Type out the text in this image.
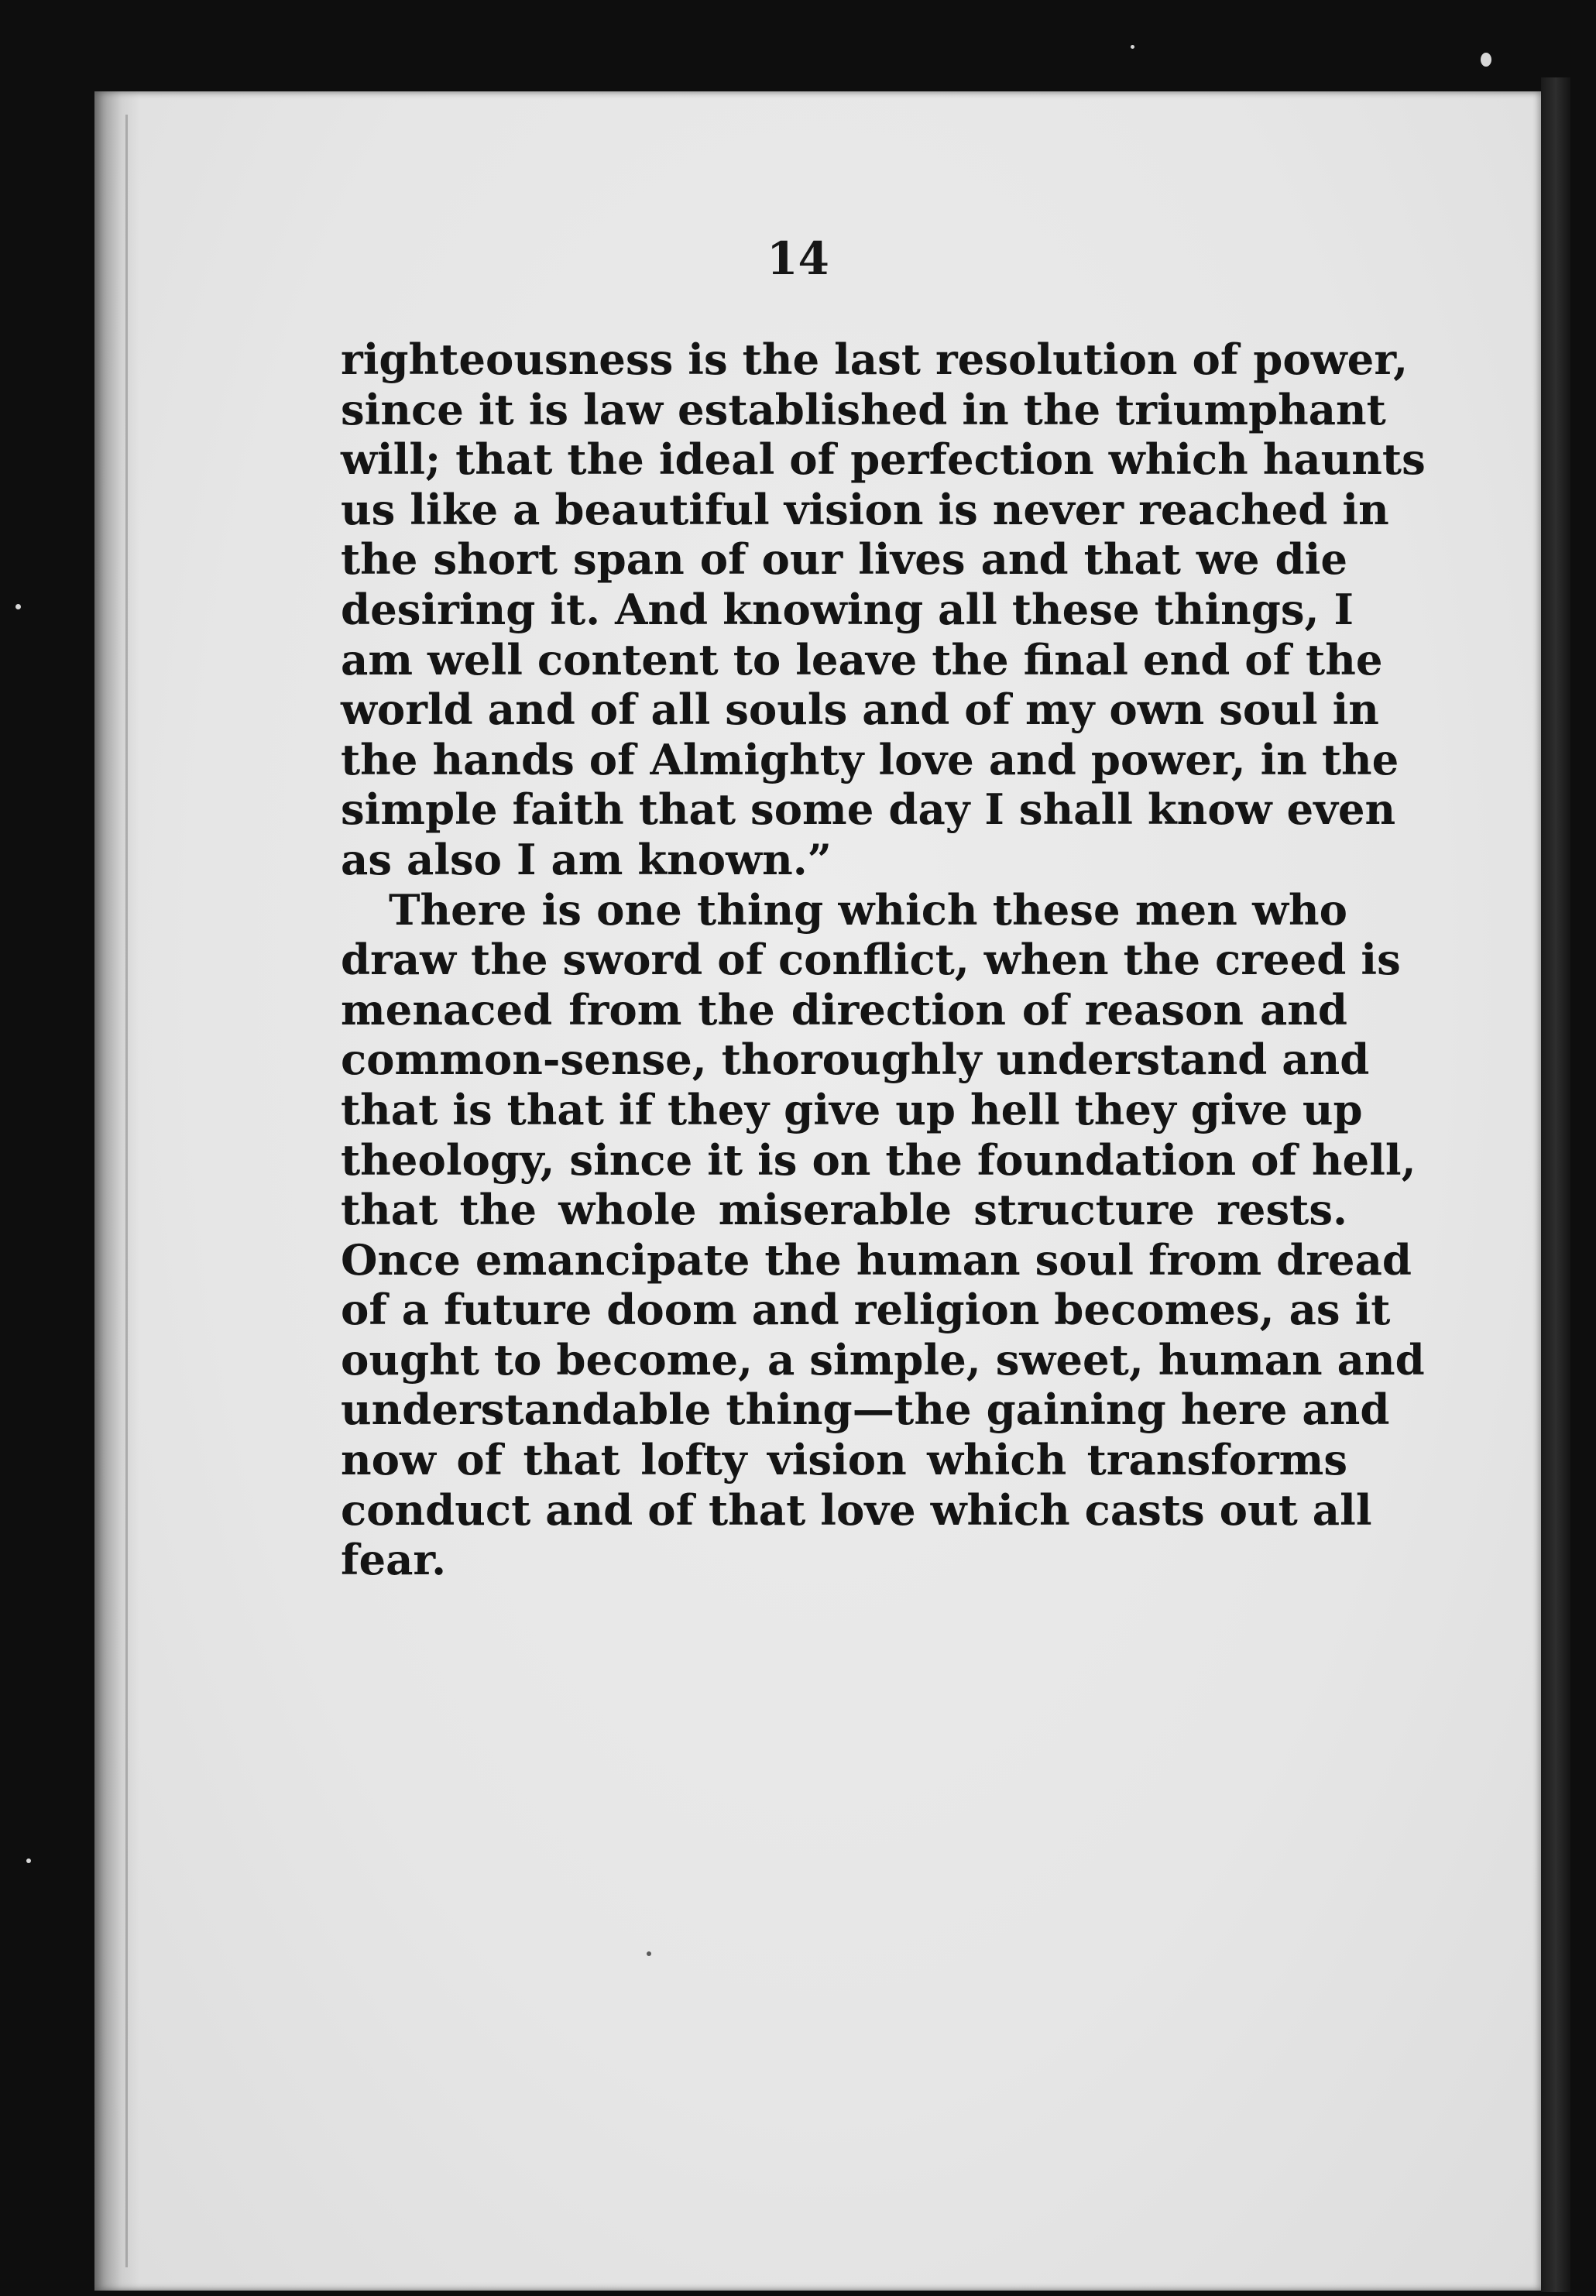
14
righteousness is the last resolution of power,
since it is law established in the triumphant
will; that the ideal of perfection which haunts
us like a beautiful vision is never reached in
the short span of our lives and that we die
desiring it. And knowing all these things, I
am well content to leave the final end of the
world and of all souls and of my own soul in
the hands of Almighty love and power, in the
simple faith that some day I shall know even
as also I am known.”
There is one thing which these men who
draw the sword of conflict, when the creed is
menaced from the direction of reason and
common-sense, thoroughly understand and
that is that if they give up hell they give up
theology, since it is on the foundation of hell,
that the whole miserable structure rests.
Once emancipate the human soul from dread
of a future doom and religion becomes, as it
ought to become, a simple, sweet, human and
understandable thing—the gaining here and
now of that lofty vision which transforms
conduct and of that love which casts out all
fear.
